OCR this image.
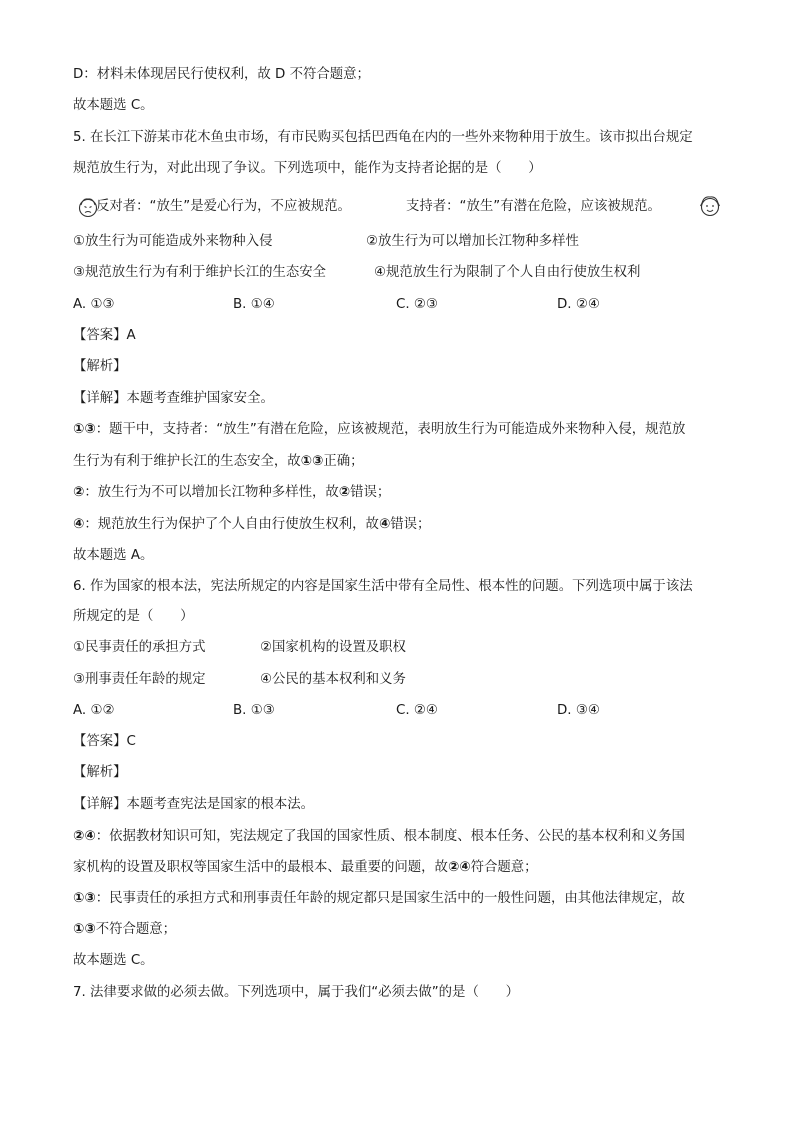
D：材料未体现居民行使权利，故 D 不符合题意；
故本题选 C。
5. 在长江下游某市花木鱼虫市场，有市民购买包括巴西龟在内的一些外来物种用于放生。该市拟出台规定
规范放生行为，对此出现了争议。下列选项中，能作为支持者论据的是（　　）
反对者：“放生”是爱心行为，不应被规范。	支持者：“放生”有潜在危险，应该被规范。
①放生行为可能造成外来物种入侵	②放生行为可以增加长江物种多样性
③规范放生行为有利于维护长江的生态安全	④规范放生行为限制了个人自由行使放生权利
A. ①③	B. ①④	C. ②③	D. ②④
【答案】A
【解析】
【详解】本题考查维护国家安全。
①③：题干中，支持者：“放生”有潜在危险，应该被规范，表明放生行为可能造成外来物种入侵，规范放
生行为有利于维护长江的生态安全，故①③正确；
②：放生行为不可以增加长江物种多样性，故②错误；
④：规范放生行为保护了个人自由行使放生权利，故④错误；
故本题选 A。
6. 作为国家的根本法，宪法所规定的内容是国家生活中带有全局性、根本性的问题。下列选项中属于该法
所规定的是（　　）
①民事责任的承担方式	②国家机构的设置及职权
③刑事责任年龄的规定	④公民的基本权利和义务
A. ①②	B. ①③	C. ②④	D. ③④
【答案】C
【解析】
【详解】本题考查宪法是国家的根本法。
②④：依据教材知识可知，宪法规定了我国的国家性质、根本制度、根本任务、公民的基本权利和义务国
家机构的设置及职权等国家生活中的最根本、最重要的问题，故②④符合题意；
①③：民事责任的承担方式和刑事责任年龄的规定都只是国家生活中的一般性问题，由其他法律规定，故
①③不符合题意；
故本题选 C。
7. 法律要求做的必须去做。下列选项中，属于我们“必须去做”的是（　　）
